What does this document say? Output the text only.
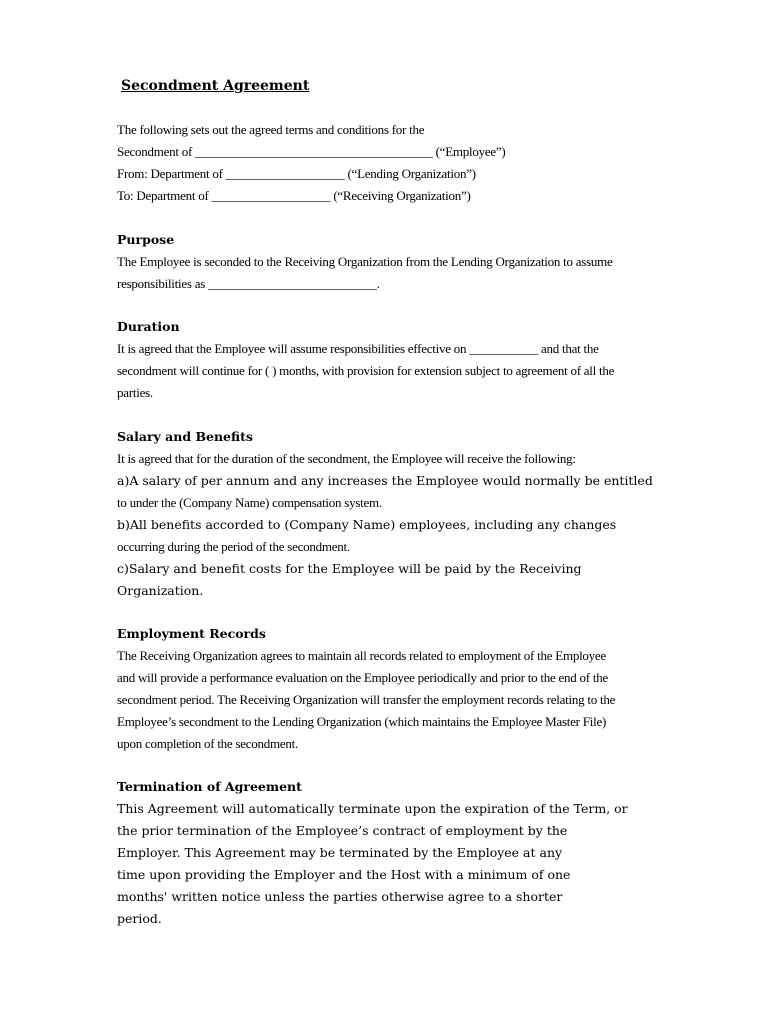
Secondment Agreement
The following sets out the agreed terms and conditions for the
Secondment of ______________________________________ (“Employee”)
From: Department of ___________________ (“Lending Organization”)
To: Department of ___________________ (“Receiving Organization”)
Purpose
The Employee is seconded to the Receiving Organization from the Lending Organization to assume
responsibilities as ___________________________.
Duration
It is agreed that the Employee will assume responsibilities effective on ___________ and that the
secondment will continue for ( ) months, with provision for extension subject to agreement of all the
parties.
Salary and Benefits
It is agreed that for the duration of the secondment, the Employee will receive the following:
a)A salary of per annum and any increases the Employee would normally be entitled
to under the (Company Name) compensation system.
b)All benefits accorded to (Company Name) employees, including any changes
occurring during the period of the secondment.
c)Salary and benefit costs for the Employee will be paid by the Receiving
Organization.
Employment Records
The Receiving Organization agrees to maintain all records related to employment of the Employee
and will provide a performance evaluation on the Employee periodically and prior to the end of the
secondment period. The Receiving Organization will transfer the employment records relating to the
Employee’s secondment to the Lending Organization (which maintains the Employee Master File)
upon completion of the secondment.
Termination of Agreement
This Agreement will automatically terminate upon the expiration of the Term, or
the prior termination of the Employee’s contract of employment by the
Employer. This Agreement may be terminated by the Employee at any
time upon providing the Employer and the Host with a minimum of one
months' written notice unless the parties otherwise agree to a shorter
period.
